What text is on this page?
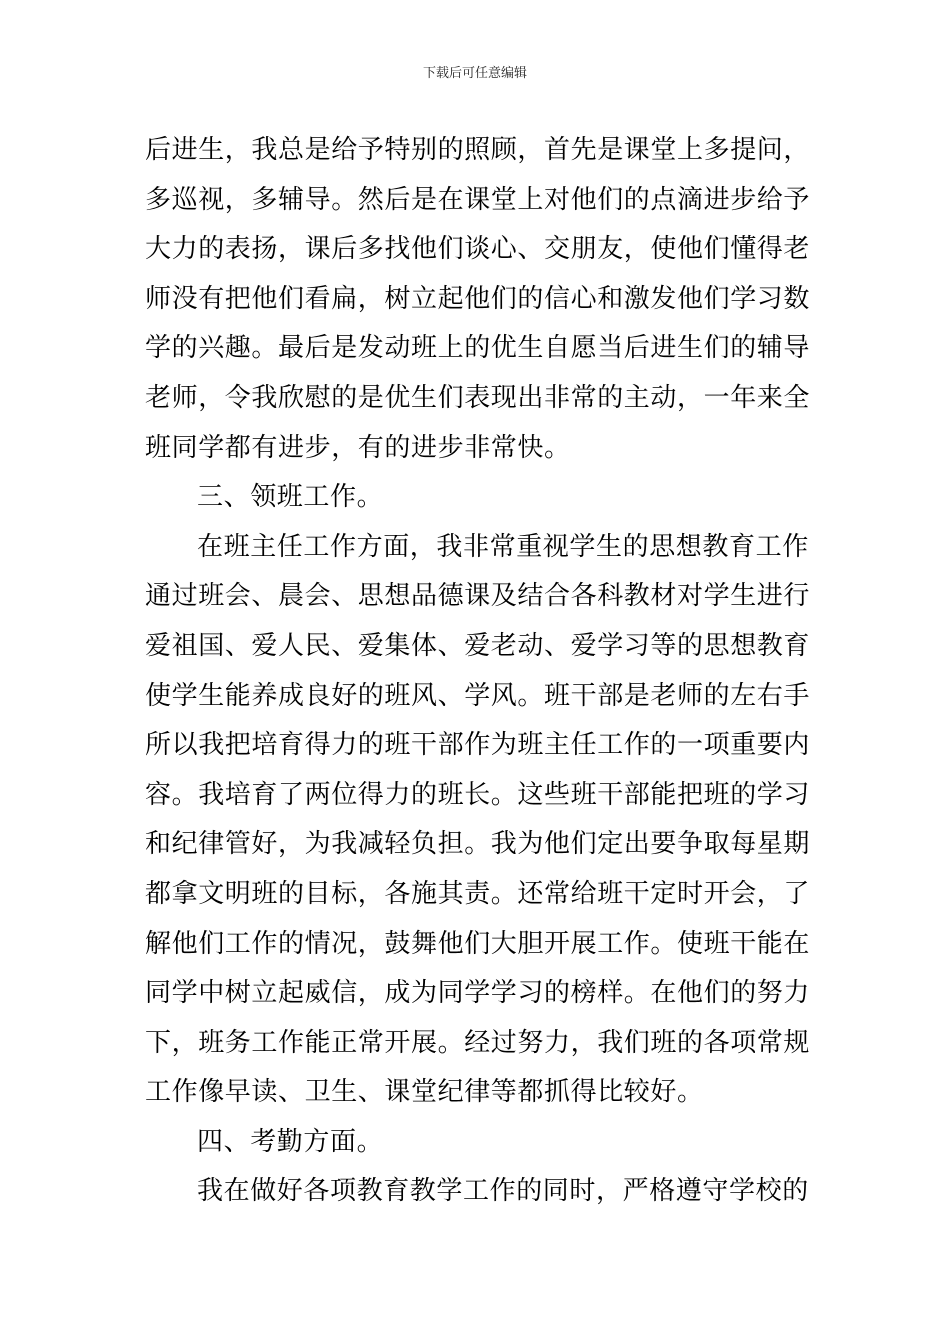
下载后可任意编辑
后进生，我总是给予特别的照顾，首先是课堂上多提问，
多巡视，多辅导。然后是在课堂上对他们的点滴进步给予
大力的表扬，课后多找他们谈心、交朋友，使他们懂得老
师没有把他们看扁，树立起他们的信心和激发他们学习数
学的兴趣。最后是发动班上的优生自愿当后进生们的辅导
老师，令我欣慰的是优生们表现出非常的主动，一年来全
班同学都有进步，有的进步非常快。
三、领班工作。
在班主任工作方面，我非常重视学生的思想教育工作
通过班会、晨会、思想品德课及结合各科教材对学生进行
爱祖国、爱人民、爱集体、爱老动、爱学习等的思想教育
使学生能养成良好的班风、学风。班干部是老师的左右手
所以我把培育得力的班干部作为班主任工作的一项重要内
容。我培育了两位得力的班长。这些班干部能把班的学习
和纪律管好，为我减轻负担。我为他们定出要争取每星期
都拿文明班的目标，各施其责。还常给班干定时开会，了
解他们工作的情况，鼓舞他们大胆开展工作。使班干能在
同学中树立起威信，成为同学学习的榜样。在他们的努力
下，班务工作能正常开展。经过努力，我们班的各项常规
工作像早读、卫生、课堂纪律等都抓得比较好。
四、考勤方面。
我在做好各项教育教学工作的同时，严格遵守学校的
